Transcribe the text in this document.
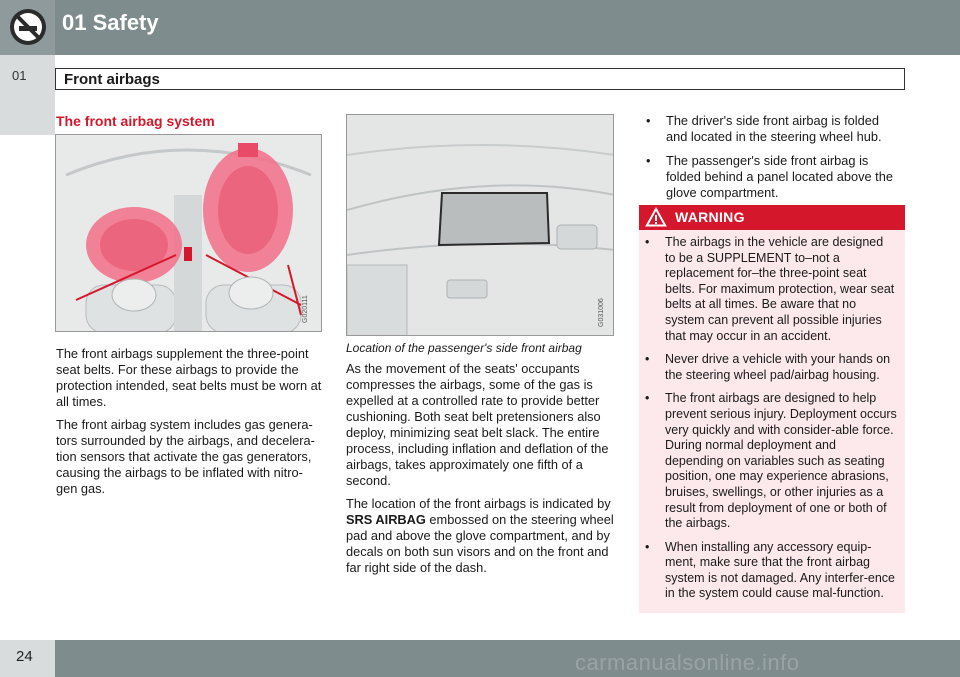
01 Safety
01	Front airbags
The front airbag system
G020111

The front airbags supplement the three-point seat belts. For these airbags to provide the protection intended, seat belts must be worn at all times.

The front airbag system includes gas genera-tors surrounded by the airbags, and decelera-tion sensors that activate the gas generators, causing the airbags to be inflated with nitro-gen gas.

G031006
Location of the passenger's side front airbag

As the movement of the seats' occupants compresses the airbags, some of the gas is expelled at a controlled rate to provide better cushioning. Both seat belt pretensioners also deploy, minimizing seat belt slack. The entire process, including inflation and deflation of the airbags, takes approximately one fifth of a second.

The location of the front airbags is indicated by SRS AIRBAG embossed on the steering wheel pad and above the glove compartment, and by decals on both sun visors and on the front and far right side of the dash.

• The driver's side front airbag is folded and located in the steering wheel hub.
• The passenger's side front airbag is folded behind a panel located above the glove compartment.
WARNING
• The airbags in the vehicle are designed to be a SUPPLEMENT to–not a replacement for–the three-point seat belts. For maximum protection, wear seat belts at all times. Be aware that no system can prevent all possible injuries that may occur in an accident.
• Never drive a vehicle with your hands on the steering wheel pad/airbag housing.
• The front airbags are designed to help prevent serious injury. Deployment occurs very quickly and with consider-able force. During normal deployment and depending on variables such as seating position, one may experience abrasions, bruises, swellings, or other injuries as a result from deployment of one or both of the airbags.
• When installing any accessory equip-ment, make sure that the front airbag system is not damaged. Any interfer-ence in the system could cause mal-function.
24	carmanualsonline.info
